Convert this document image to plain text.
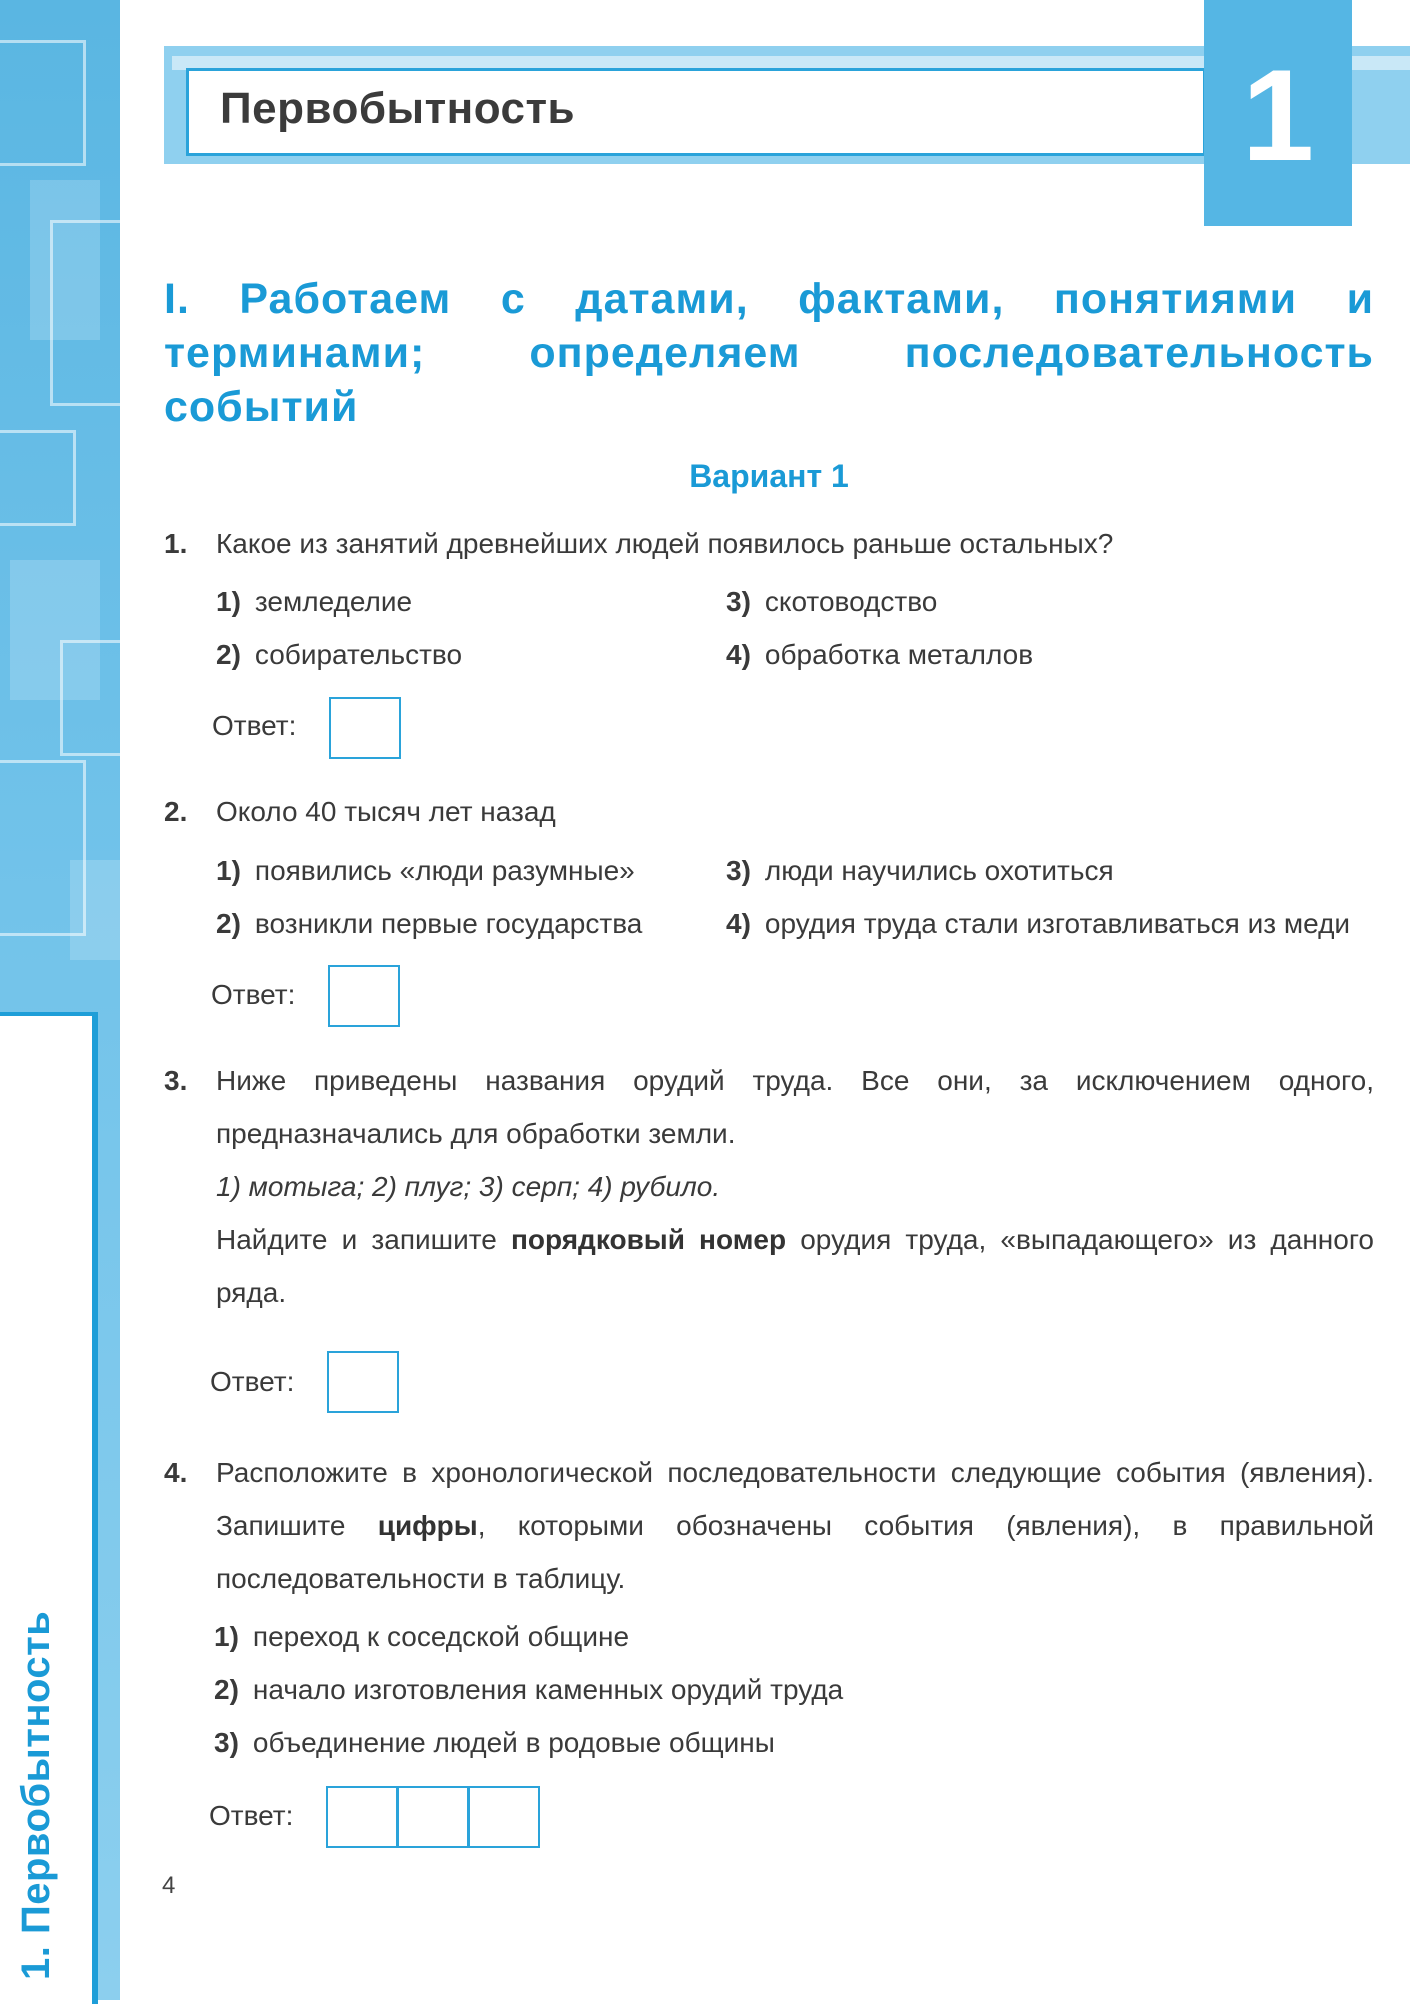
1. Первобытность
Первобытность	1
I. Работаем с датами, фактами, понятиями и терминами; определяем последовательность событий
Вариант 1
1. Какое из занятий древнейших людей появилось раньше остальных?
1) земледелие
2) собирательство
3) скотоводство
4) обработка металлов
Ответ:
2. Около 40 тысяч лет назад
1) появились «люди разумные»
2) возникли первые государства
3) люди научились охотиться
4) орудия труда стали изготавливаться из меди
Ответ:
3. Ниже приведены названия орудий труда. Все они, за исключением одного, предназначались для обработки земли.
1) мотыга; 2) плуг; 3) серп; 4) рубило.
Найдите и запишите порядковый номер орудия труда, «выпадающего» из данного ряда.
Ответ:
4. Расположите в хронологической последовательности следующие события (явления). Запишите цифры, которыми обозначены события (явления), в правильной последовательности в таблицу.
1) переход к соседской общине
2) начало изготовления каменных орудий труда
3) объединение людей в родовые общины
Ответ:
4
